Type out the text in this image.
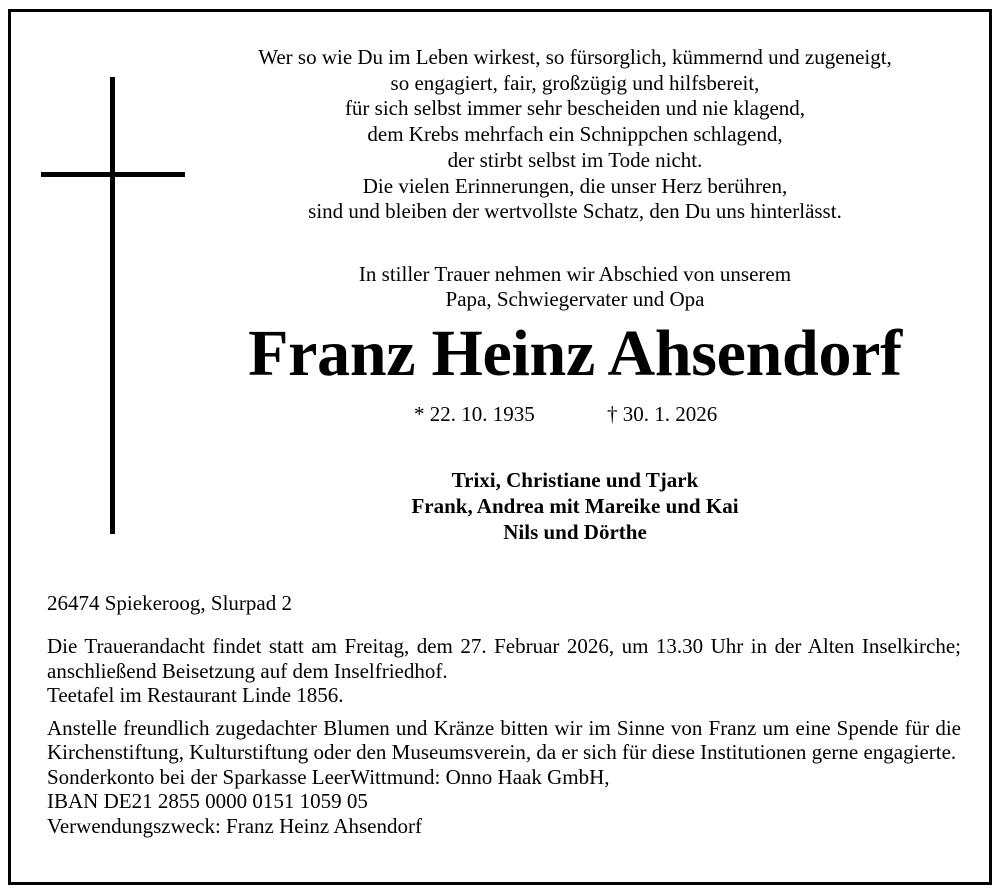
Wer so wie Du im Leben wirkest, so fürsorglich, kümmernd und zugeneigt,
so engagiert, fair, großzügig und hilfsbereit,
für sich selbst immer sehr bescheiden und nie klagend,
dem Krebs mehrfach ein Schnippchen schlagend,
der stirbt selbst im Tode nicht.
Die vielen Erinnerungen, die unser Herz berühren,
sind und bleiben der wertvollste Schatz, den Du uns hinterlässt.
In stiller Trauer nehmen wir Abschied von unserem
Papa, Schwiegervater und Opa
Franz Heinz Ahsendorf
* 22. 10. 1935	† 30. 1. 2026
Trixi, Christiane und Tjark
Frank, Andrea mit Mareike und Kai
Nils und Dörthe
26474 Spiekeroog, Slurpad 2

Die Trauerandacht findet statt am Freitag, dem 27. Februar 2026, um 13.30 Uhr in der Alten Inselkirche; anschließend Beisetzung auf dem Inselfriedhof.

Teetafel im Restaurant Linde 1856.

Anstelle freundlich zugedachter Blumen und Kränze bitten wir im Sinne von Franz um eine Spende für die Kirchenstiftung, Kulturstiftung oder den Museumsverein, da er sich für diese Institutionen gerne engagierte.

Sonderkonto bei der Sparkasse LeerWittmund: Onno Haak GmbH,

IBAN DE21 2855 0000 0151 1059 05

Verwendungszweck: Franz Heinz Ahsendorf
